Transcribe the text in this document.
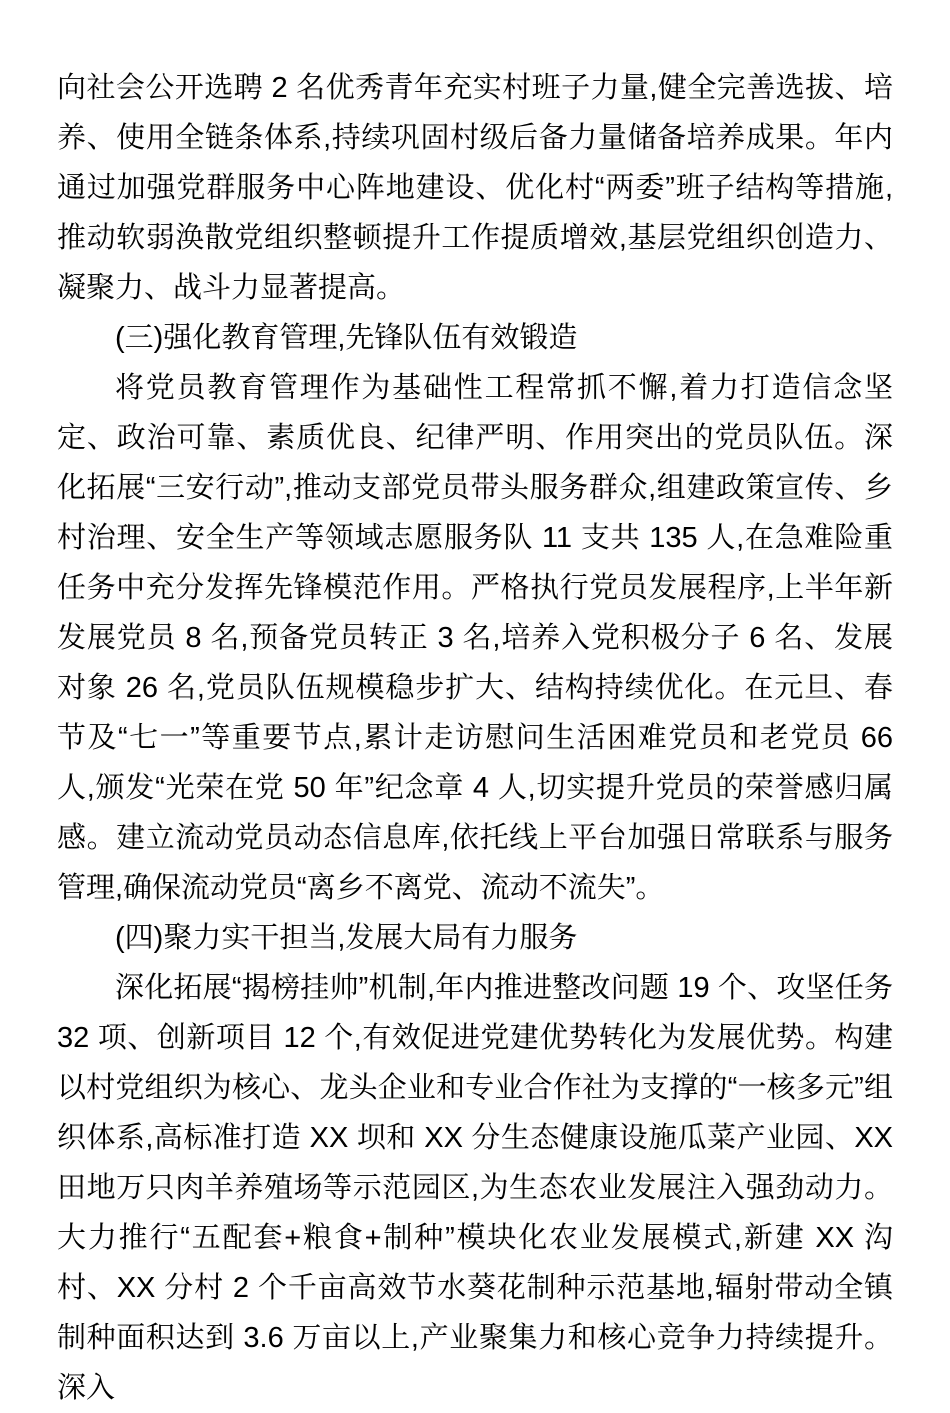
向社会公开选聘 2 名优秀青年充实村班子力量,健全完善选拔、培养、使用全链条体系,持续巩固村级后备力量储备培养成果。年内通过加强党群服务中心阵地建设、优化村“两委”班子结构等措施,推动软弱涣散党组织整顿提升工作提质增效,基层党组织创造力、凝聚力、战斗力显著提高。

(三)强化教育管理,先锋队伍有效锻造

将党员教育管理作为基础性工程常抓不懈,着力打造信念坚定、政治可靠、素质优良、纪律严明、作用突出的党员队伍。深化拓展“三安行动”,推动支部党员带头服务群众,组建政策宣传、乡村治理、安全生产等领域志愿服务队 11 支共 135 人,在急难险重任务中充分发挥先锋模范作用。严格执行党员发展程序,上半年新发展党员 8 名,预备党员转正 3 名,培养入党积极分子 6 名、发展对象 26 名,党员队伍规模稳步扩大、结构持续优化。在元旦、春节及“七一”等重要节点,累计走访慰问生活困难党员和老党员 66 人,颁发“光荣在党 50 年”纪念章 4 人,切实提升党员的荣誉感归属感。建立流动党员动态信息库,依托线上平台加强日常联系与服务管理,确保流动党员“离乡不离党、流动不流失”。

(四)聚力实干担当,发展大局有力服务

深化拓展“揭榜挂帅”机制,年内推进整改问题 19 个、攻坚任务 32 项、创新项目 12 个,有效促进党建优势转化为发展优势。构建以村党组织为核心、龙头企业和专业合作社为支撑的“一核多元”组织体系,高标准打造 XX 坝和 XX 分生态健康设施瓜菜产业园、XX 田地万只肉羊养殖场等示范园区,为生态农业发展注入强劲动力。大力推行“五配套+粮食+制种”模块化农业发展模式,新建 XX 沟村、XX 分村 2 个千亩高效节水葵花制种示范基地,辐射带动全镇制种面积达到 3.6 万亩以上,产业聚集力和核心竞争力持续提升。深入
